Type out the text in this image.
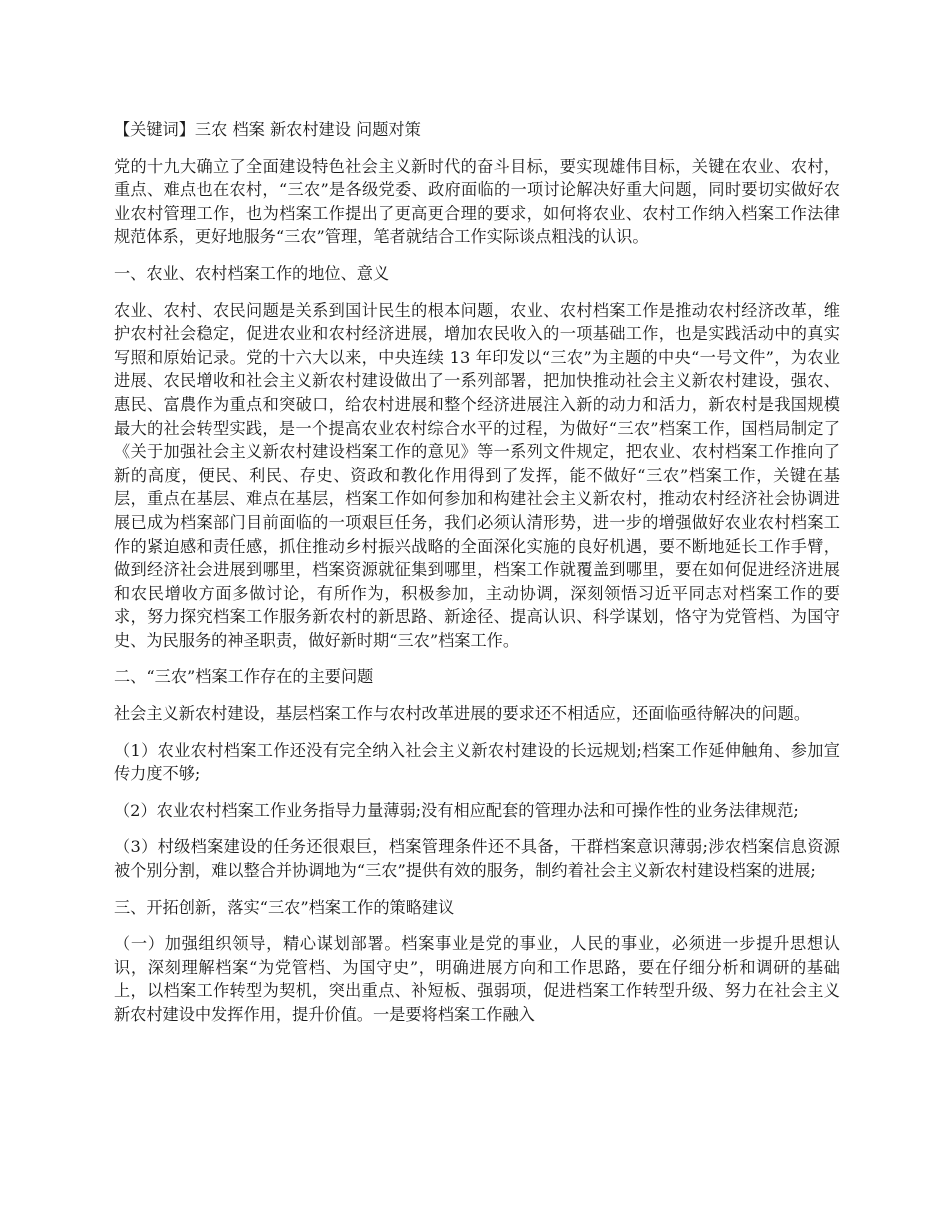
【关键词】三农 档案 新农村建设 问题对策

党的十九大确立了全面建设特色社会主义新时代的奋斗目标，要实现雄伟目标，关键在农业、农村，重点、难点也在农村，“三农”是各级党委、政府面临的一项讨论解决好重大问题，同时要切实做好农业农村管理工作，也为档案工作提出了更高更合理的要求，如何将农业、农村工作纳入档案工作法律规范体系，更好地服务“三农”管理，笔者就结合工作实际谈点粗浅的认识。

一、农业、农村档案工作的地位、意义

农业、农村、农民问题是关系到国计民生的根本问题，农业、农村档案工作是推动农村经济改革，维护农村社会稳定，促进农业和农村经济进展，增加农民收入的一项基础工作，也是实践活动中的真实写照和原始记录。党的十六大以来，中央连续 13 年印发以“三农”为主题的中央“一号文件”，为农业进展、农民增收和社会主义新农村建设做出了一系列部署，把加快推动社会主义新农村建设，强农、惠民、富農作为重点和突破口，给农村进展和整个经济进展注入新的动力和活力，新农村是我国规模最大的社会转型实践，是一个提高农业农村综合水平的过程，为做好“三农”档案工作，国档局制定了《关于加强社会主义新农村建设档案工作的意见》等一系列文件规定，把农业、农村档案工作推向了新的高度，便民、利民、存史、资政和教化作用得到了发挥，能不做好“三农”档案工作，关键在基层，重点在基层、难点在基层，档案工作如何参加和构建社会主义新农村，推动农村经济社会协调进展已成为档案部门目前面临的一项艰巨任务，我们必须认清形势，进一步的增强做好农业农村档案工作的紧迫感和责任感，抓住推动乡村振兴战略的全面深化实施的良好机遇，要不断地延长工作手臂，做到经济社会进展到哪里，档案资源就征集到哪里，档案工作就覆盖到哪里，要在如何促进经济进展和农民增收方面多做讨论，有所作为，积极参加，主动协调，深刻领悟习近平同志对档案工作的要求，努力探究档案工作服务新农村的新思路、新途径、提高认识、科学谋划，恪守为党管档、为国守史、为民服务的神圣职责，做好新时期“三农”档案工作。

二、“三农”档案工作存在的主要问题

社会主义新农村建设，基层档案工作与农村改革进展的要求还不相适应，还面临亟待解决的问题。

（1）农业农村档案工作还没有完全纳入社会主义新农村建设的长远规划;档案工作延伸触角、参加宣传力度不够;

（2）农业农村档案工作业务指导力量薄弱;没有相应配套的管理办法和可操作性的业务法律规范;

（3）村级档案建设的任务还很艰巨，档案管理条件还不具备，干群档案意识薄弱;涉农档案信息资源被个别分割，难以整合并协调地为“三农”提供有效的服务，制约着社会主义新农村建设档案的进展;

三、开拓创新，落实“三农”档案工作的策略建议

（一）加强组织领导，精心谋划部署。档案事业是党的事业，人民的事业，必须进一步提升思想认识，深刻理解档案“为党管档、为国守史”，明确进展方向和工作思路，要在仔细分析和调研的基础上，以档案工作转型为契机，突出重点、补短板、强弱项，促进档案工作转型升级、努力在社会主义新农村建设中发挥作用，提升价值。一是要将档案工作融入
